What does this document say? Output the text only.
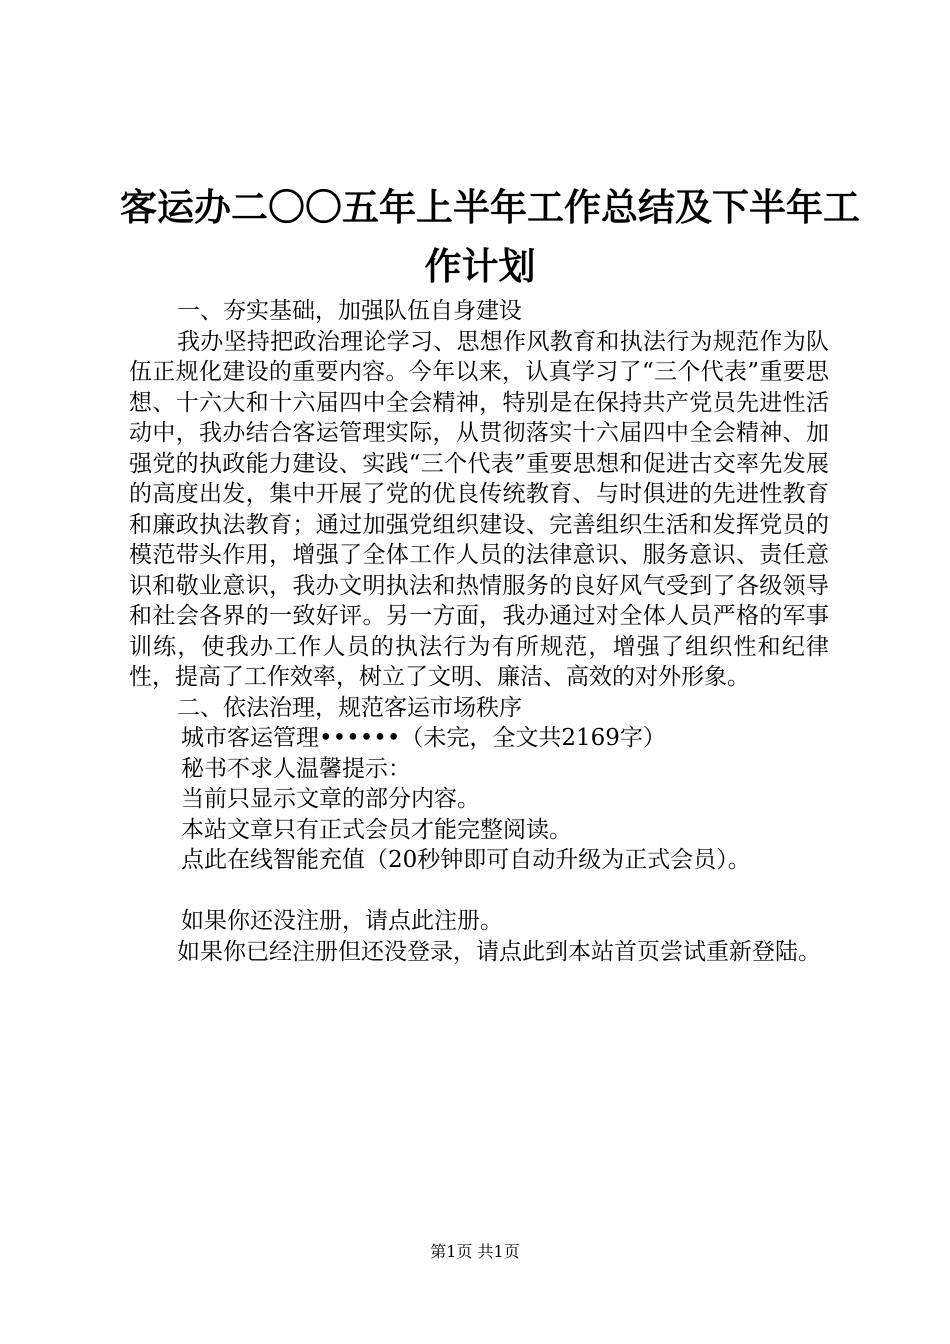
客运办二〇〇五年上半年工作总结及下半年工
作计划

一、夯实基础，加强队伍自身建设

我办坚持把政治理论学习、思想作风教育和执法行为规范作为队伍正规化建设的重要内容。今年以来，认真学习了“三个代表”重要思想、十六大和十六届四中全会精神，特别是在保持共产党员先进性活动中，我办结合客运管理实际，从贯彻落实十六届四中全会精神、加强党的执政能力建设、实践“三个代表”重要思想和促进古交率先发展的高度出发，集中开展了党的优良传统教育、与时俱进的先进性教育和廉政执法教育；通过加强党组织建设、完善组织生活和发挥党员的模范带头作用，增强了全体工作人员的法律意识、服务意识、责任意识和敬业意识，我办文明执法和热情服务的良好风气受到了各级领导和社会各界的一致好评。另一方面，我办通过对全体人员严格的军事训练，使我办工作人员的执法行为有所规范，增强了组织性和纪律性，提高了工作效率，树立了文明、廉洁、高效的对外形象。

二、依法治理，规范客运市场秩序

城市客运管理••••••（未完，全文共2169字）

秘书不求人温馨提示：

当前只显示文章的部分内容。

本站文章只有正式会员才能完整阅读。

点此在线智能充值（20秒钟即可自动升级为正式会员）。

如果你还没注册，请点此注册。

如果你已经注册但还没登录，请点此到本站首页尝试重新登陆。

第1页 共1页
